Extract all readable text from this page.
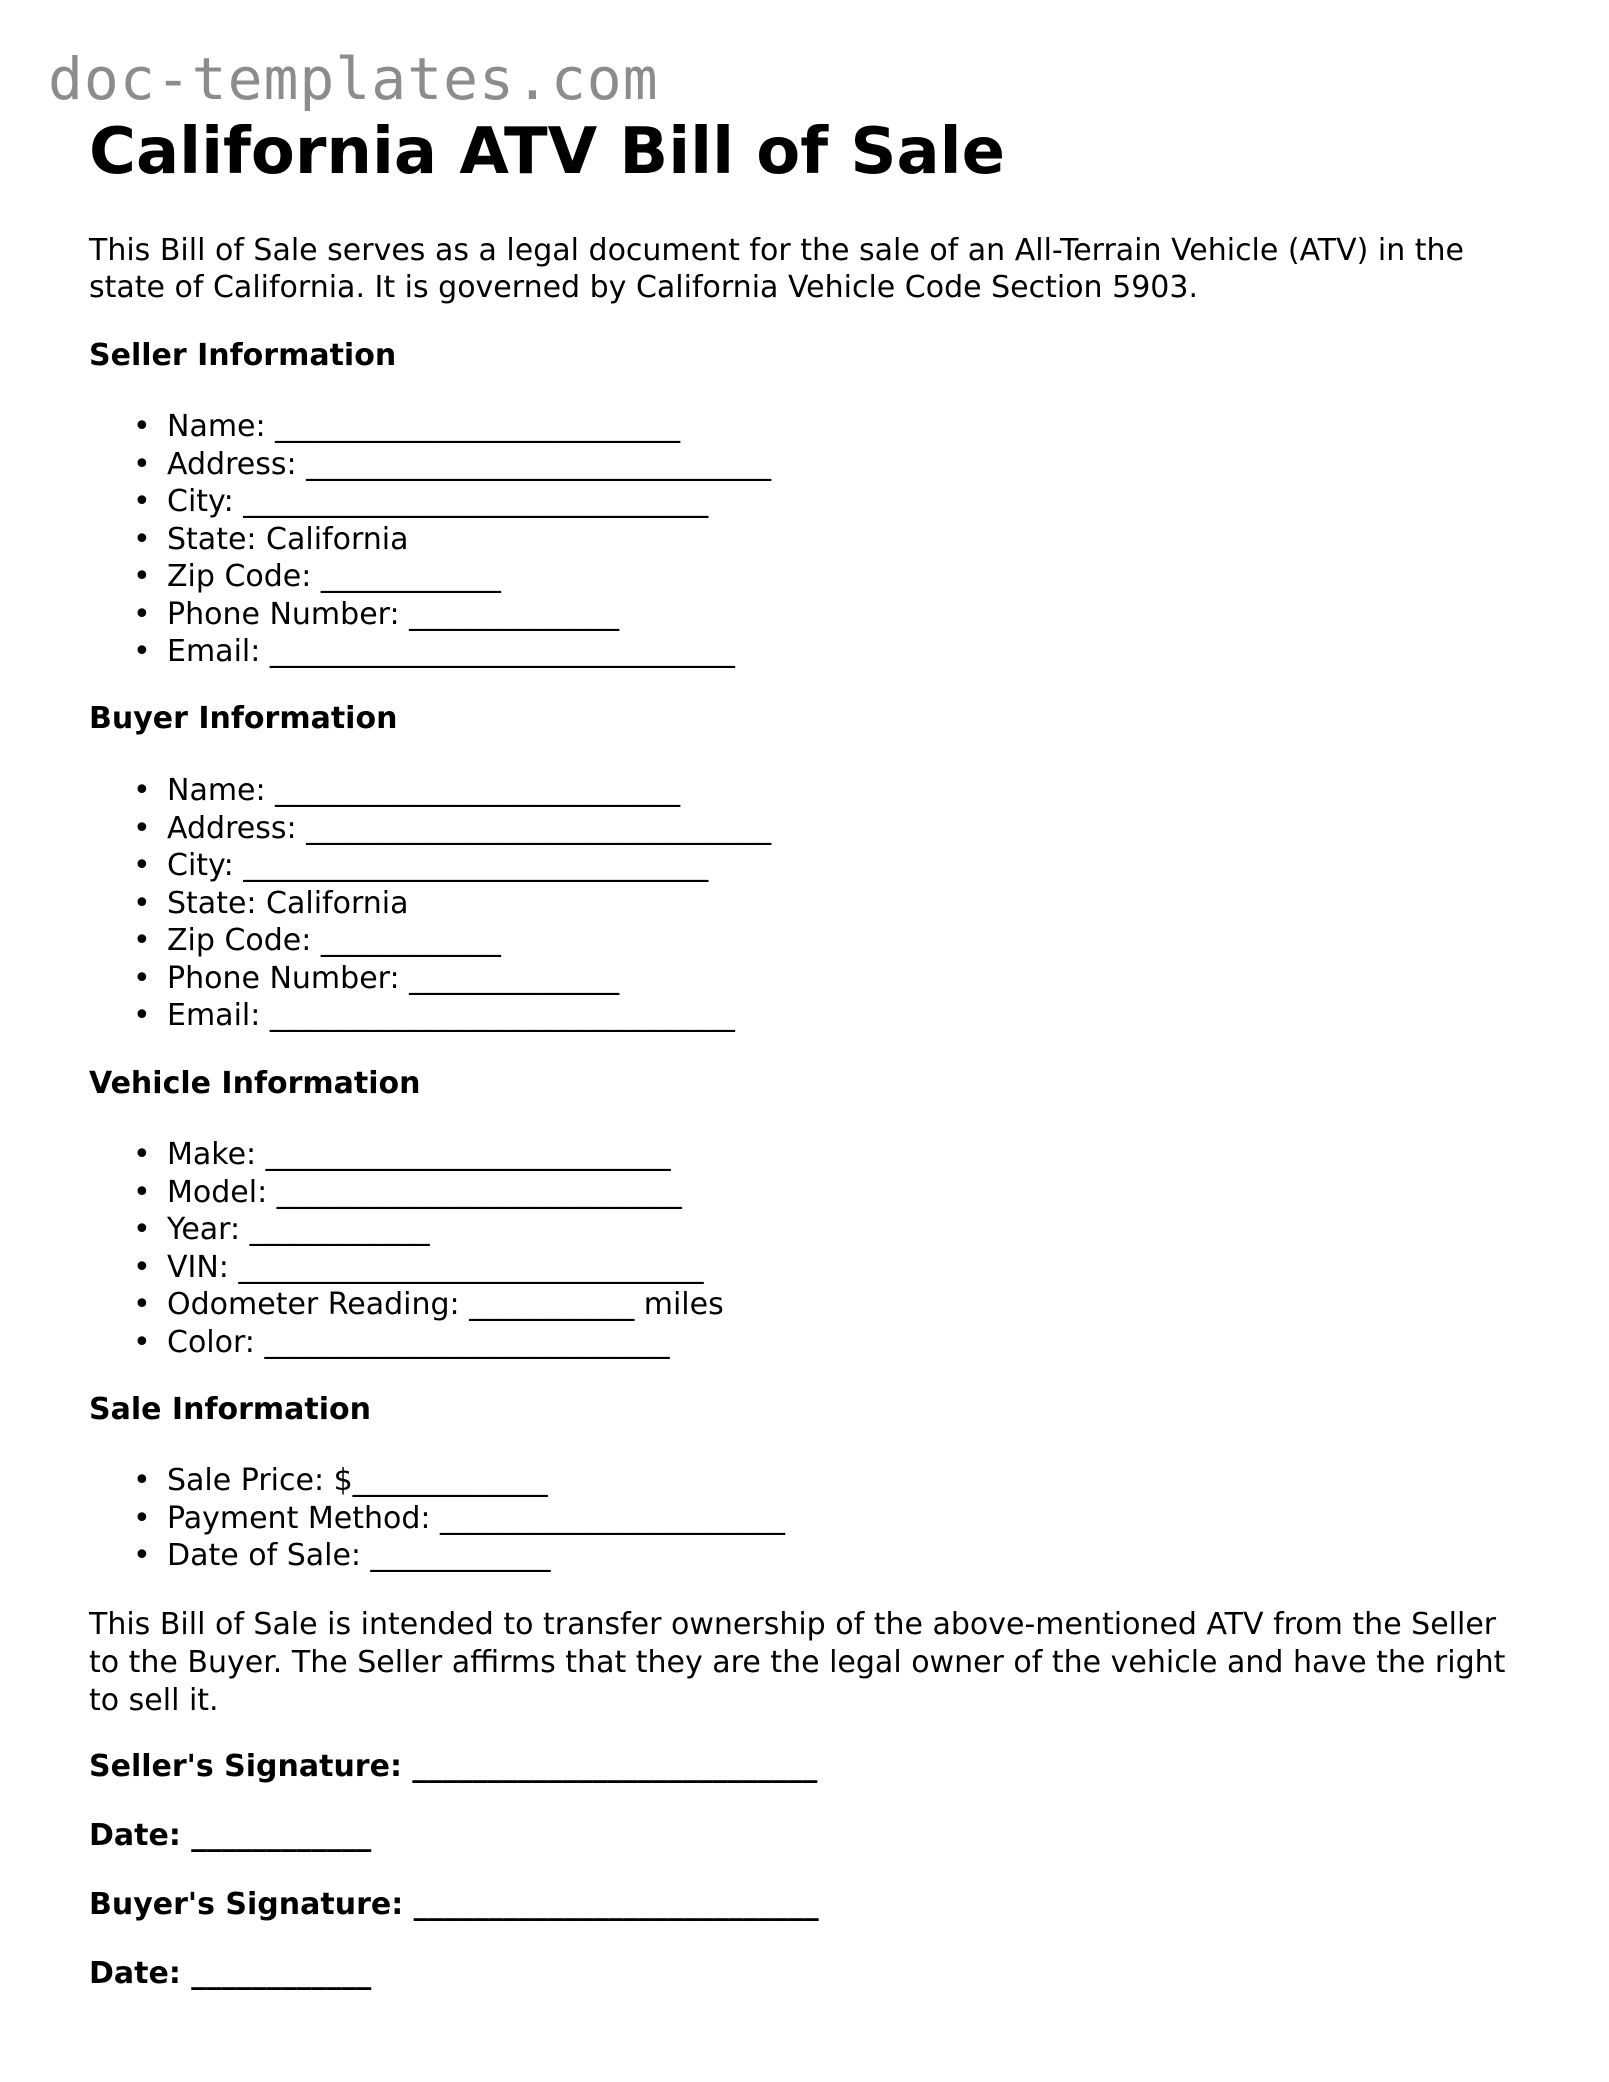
doc-templates.com
California ATV Bill of Sale

This Bill of Sale serves as a legal document for the sale of an All-Terrain Vehicle (ATV) in the state of California. It is governed by California Vehicle Code Section 5903.

Seller Information
• Name: ___________________________
• Address: _______________________________
• City: _______________________________
• State: California
• Zip Code: ____________
• Phone Number: ______________
• Email: _______________________________
Buyer Information
• Name: ___________________________
• Address: _______________________________
• City: _______________________________
• State: California
• Zip Code: ____________
• Phone Number: ______________
• Email: _______________________________
Vehicle Information
• Make: ___________________________
• Model: ___________________________
• Year: ____________
• VIN: _______________________________
• Odometer Reading: ___________ miles
• Color: ___________________________
Sale Information
• Sale Price: $_____________
• Payment Method: _______________________
• Date of Sale: ____________

This Bill of Sale is intended to transfer ownership of the above-mentioned ATV from the Seller to the Buyer. The Seller affirms that they are the legal owner of the vehicle and have the right to sell it.

Seller's Signature: ___________________________

Date: ____________

Buyer's Signature: ___________________________

Date: ____________
